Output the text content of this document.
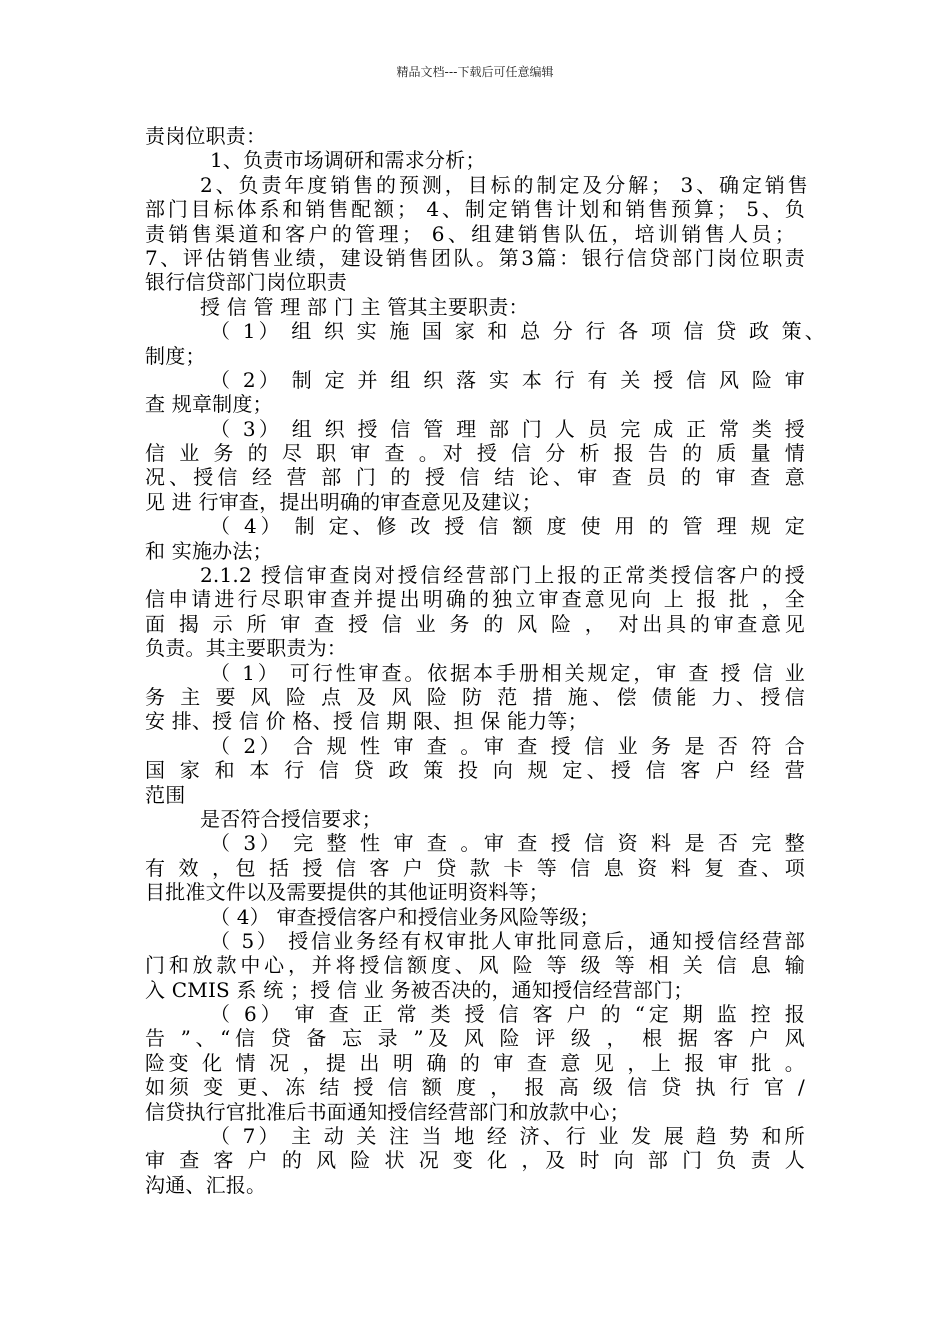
精品文档---下载后可任意编辑
责岗位职责：
1、负责市场调研和需求分析；
2、负责年度销售的预测，目标的制定及分解； 3、确定销售
部门目标体系和销售配额； 4、制定销售计划和销售预算； 5、负
责销售渠道和客户的管理； 6、组建销售队伍，培训销售人员；
7、评估销售业绩，建设销售团队。第3篇：银行信贷部门岗位职责
银行信贷部门岗位职责
授 信 管 理 部 门 主 管其主要职责：
（ 1） 组 织 实 施 国 家 和 总 分 行 各 项 信 贷 政 策、
制度；
（ 2） 制 定 并 组 织 落 实 本 行 有 关 授 信 风 险 审
查 规章制度；
（ 3） 组 织 授 信 管 理 部 门 人 员 完 成 正 常 类 授
信 业 务 的 尽 职 审 查 。对 授 信 分 析 报 告 的 质 量 情
况、授信 经 营 部 门 的 授 信 结 论、审 查 员 的 审 查 意
见 进 行审查，提出明确的审查意见及建议；
（ 4） 制 定、修 改 授 信 额 度 使 用 的 管 理 规 定
和 实施办法；
2.1.2 授信审查岗对授信经营部门上报的正常类授信客户的授
信申请进行尽职审查并提出明确的独立审查意见向 上 报 批 ，全
面 揭 示 所 审 查 授 信 业 务 的 风 险 ， 对出具的审查意见
负责。其主要职责为：
（ 1） 可行性审查。依据本手册相关规定，审 查 授 信 业
务 主 要 风 险 点 及 风 险 防 范 措 施、偿 债能 力、授信
安 排、授 信 价 格、授 信 期 限、担 保 能力等；
（ 2） 合 规 性 审 查 。审 查 授 信 业 务 是 否 符 合
国 家 和 本 行 信 贷 政 策 投 向 规 定、授 信 客 户 经 营
范围
是否符合授信要求；
（ 3） 完 整 性 审 查 。审 查 授 信 资 料 是 否 完 整
有 效 ，包 括 授 信 客 户 贷 款 卡 等 信 息 资 料 复 查、项
目批准文件以及需要提供的其他证明资料等；
（ 4） 审查授信客户和授信业务风险等级；
（ 5） 授信业务经有权审批人审批同意后，通知授信经营部
门和放款中心，并将授信额度、风 险 等 级 等 相 关 信 息 输
入 CMIS 系 统 ；授 信 业 务被否决的，通知授信经营部门；
（ 6） 审 查 正 常 类 授 信 客 户 的 “定 期 监 控 报
告 ”、“信 贷 备 忘 录 ”及 风 险 评 级 ， 根 据 客 户 风
险变 化 情 况 ，提 出 明 确 的 审 查 意 见 ，上 报 审 批 。
如须 变 更、冻 结 授 信 额 度 ， 报 高 级 信 贷 执 行 官 /
信贷执行官批准后书面通知授信经营部门和放款中心；
（ 7） 主 动 关 注 当 地 经 济、行 业 发 展 趋 势 和所
审 查 客 户 的 风 险 状 况 变 化 ，及 时 向 部 门 负 责 人
沟通、汇报。
